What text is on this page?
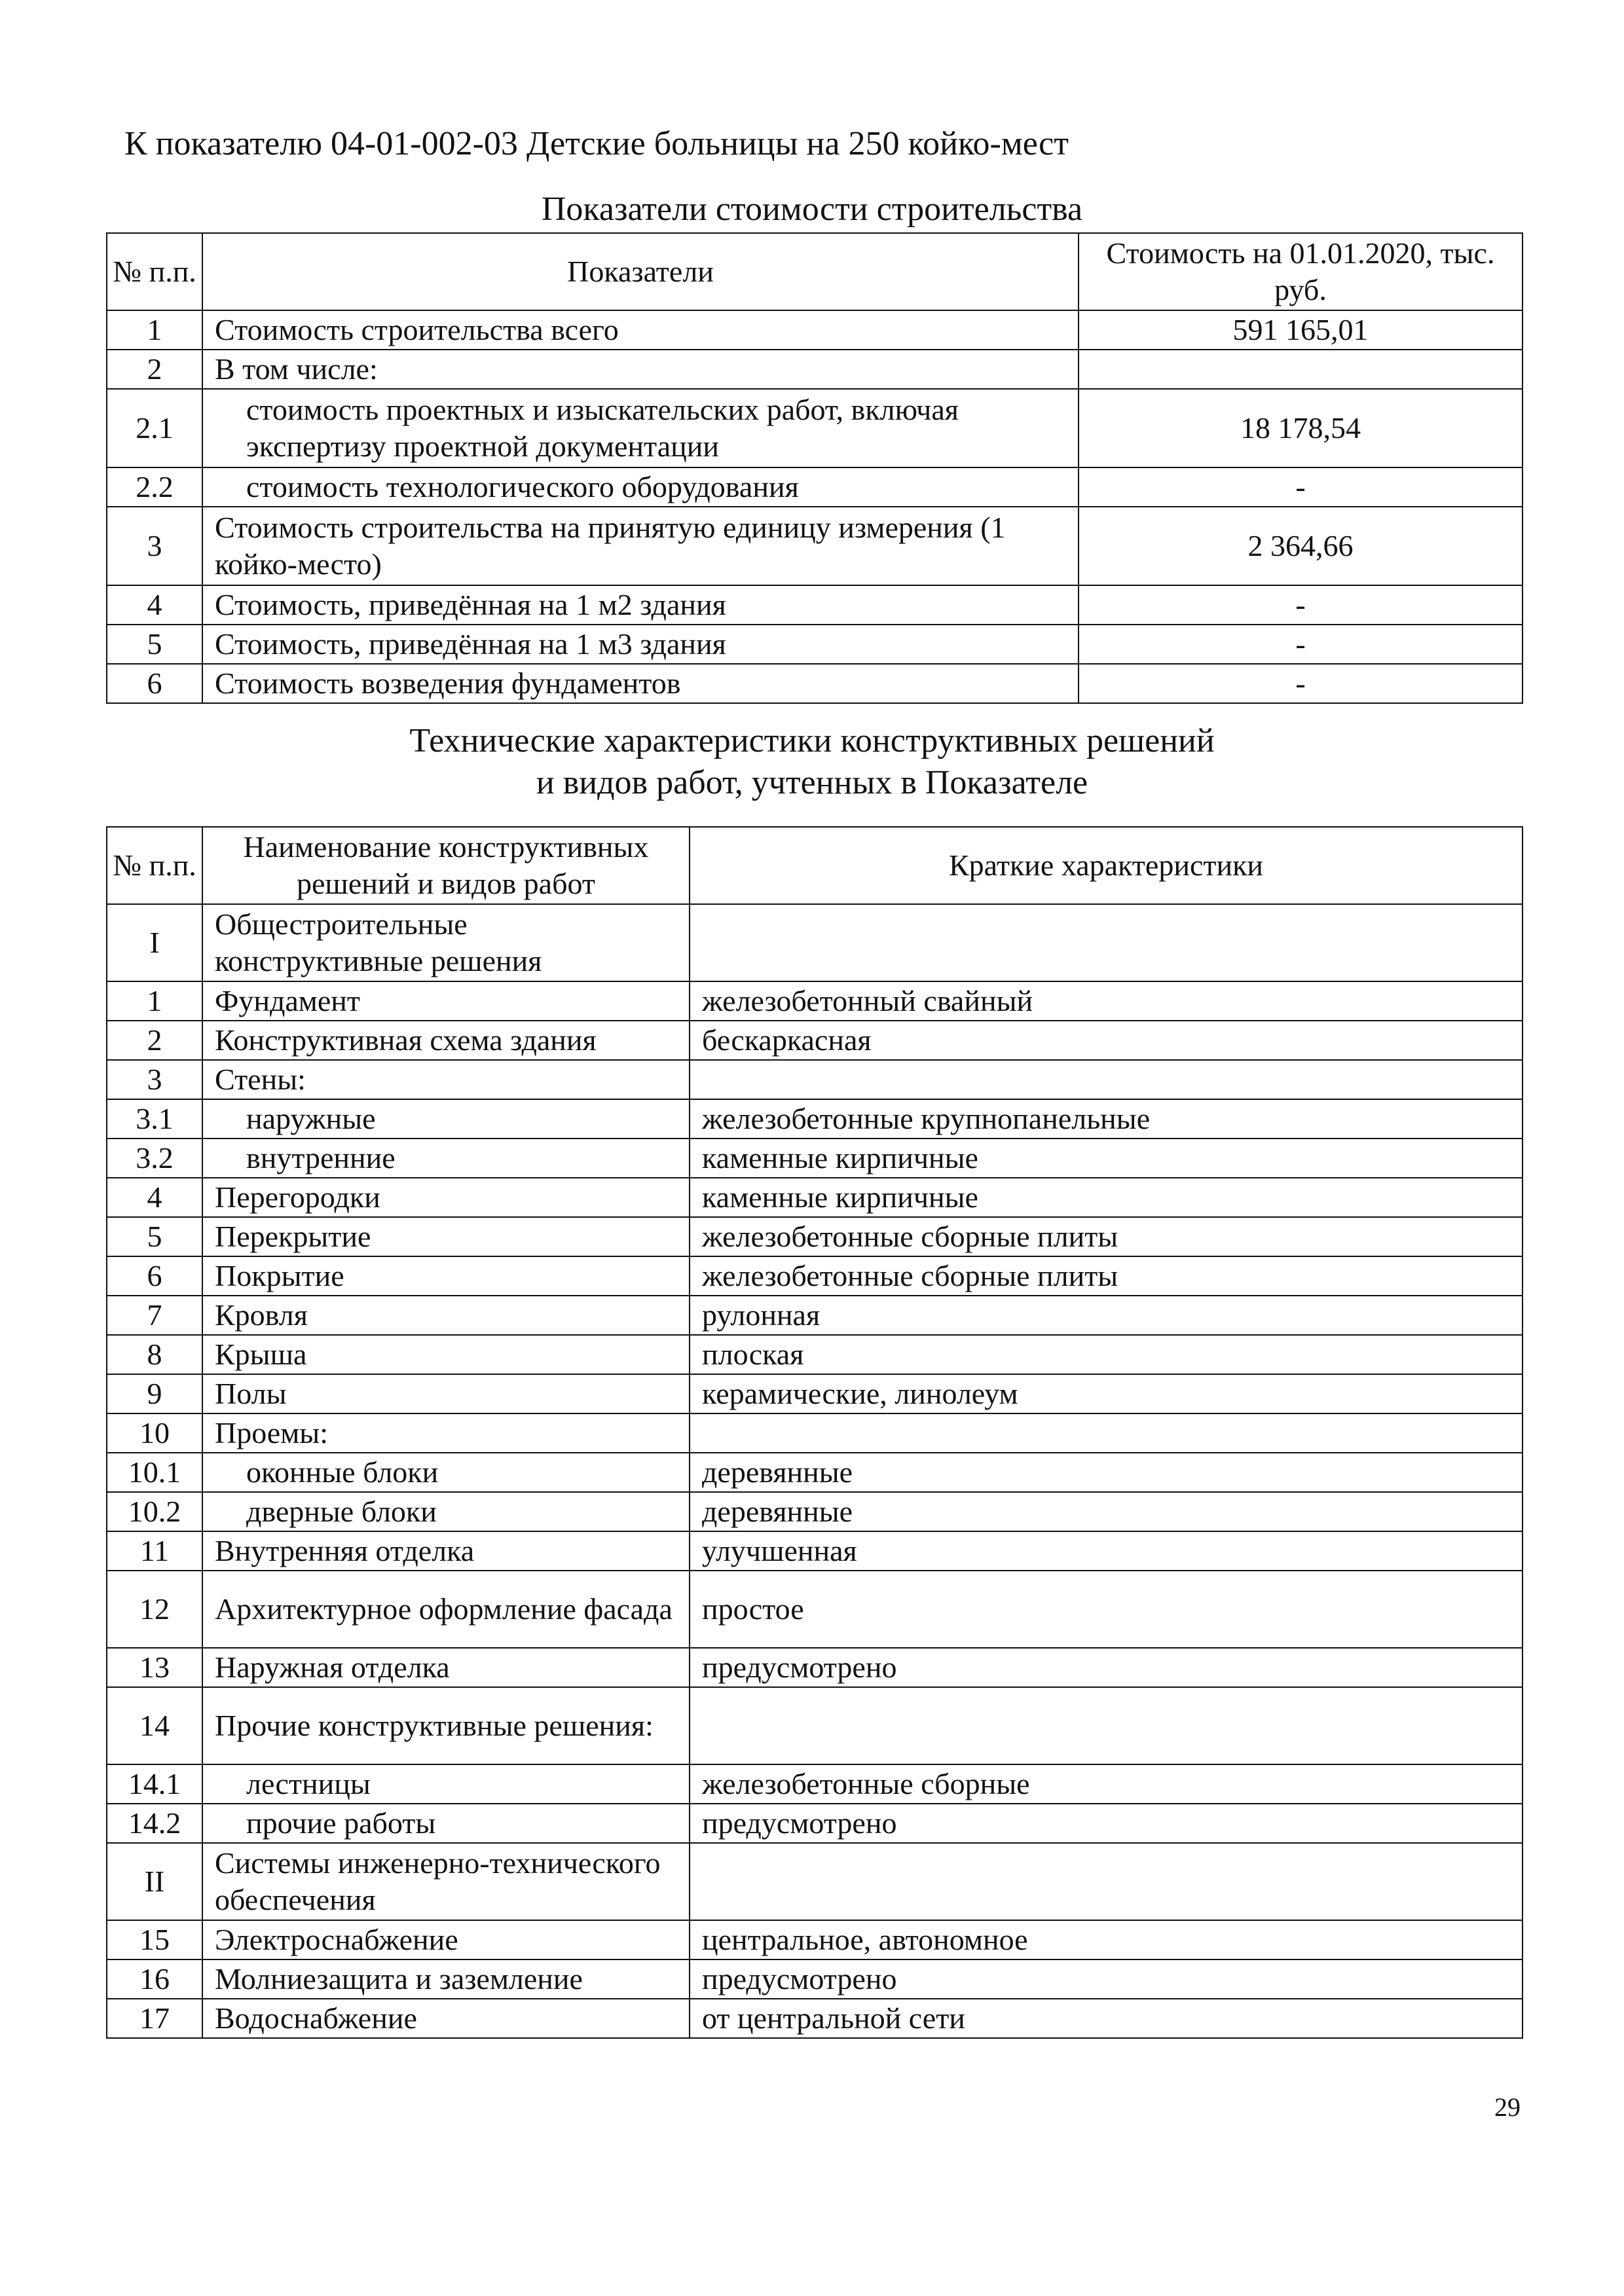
К показателю 04-01-002-03 Детские больницы на 250 койко-мест
Показатели стоимости строительства
№ п.п.	Показатели	Стоимость на 01.01.2020, тыс. руб.
1	Стоимость строительства всего	591 165,01
2	В том числе:	
2.1	стоимость проектных и изыскательских работ, включая экспертизу проектной документации	18 178,54
2.2	стоимость технологического оборудования	-
3	Стоимость строительства на принятую единицу измерения (1 койко-место)	2 364,66
4	Стоимость, приведённая на 1 м2 здания	-
5	Стоимость, приведённая на 1 м3 здания	-
6	Стоимость возведения фундаментов	-
Технические характеристики конструктивных решений
и видов работ, учтенных в Показателе
№ п.п.	Наименование конструктивных решений и видов работ	Краткие характеристики
I	Общестроительные конструктивные решения	
1	Фундамент	железобетонный свайный
2	Конструктивная схема здания	бескаркасная
3	Стены:	
3.1	наружные	железобетонные крупнопанельные
3.2	внутренние	каменные кирпичные
4	Перегородки	каменные кирпичные
5	Перекрытие	железобетонные сборные плиты
6	Покрытие	железобетонные сборные плиты
7	Кровля	рулонная
8	Крыша	плоская
9	Полы	керамические, линолеум
10	Проемы:	
10.1	оконные блоки	деревянные
10.2	дверные блоки	деревянные
11	Внутренняя отделка	улучшенная
12	Архитектурное оформление фасада	простое
13	Наружная отделка	предусмотрено
14	Прочие конструктивные решения:	
14.1	лестницы	железобетонные сборные
14.2	прочие работы	предусмотрено
II	Системы инженерно-технического обеспечения	
15	Электроснабжение	центральное, автономное
16	Молниезащита и заземление	предусмотрено
17	Водоснабжение	от центральной сети
29
